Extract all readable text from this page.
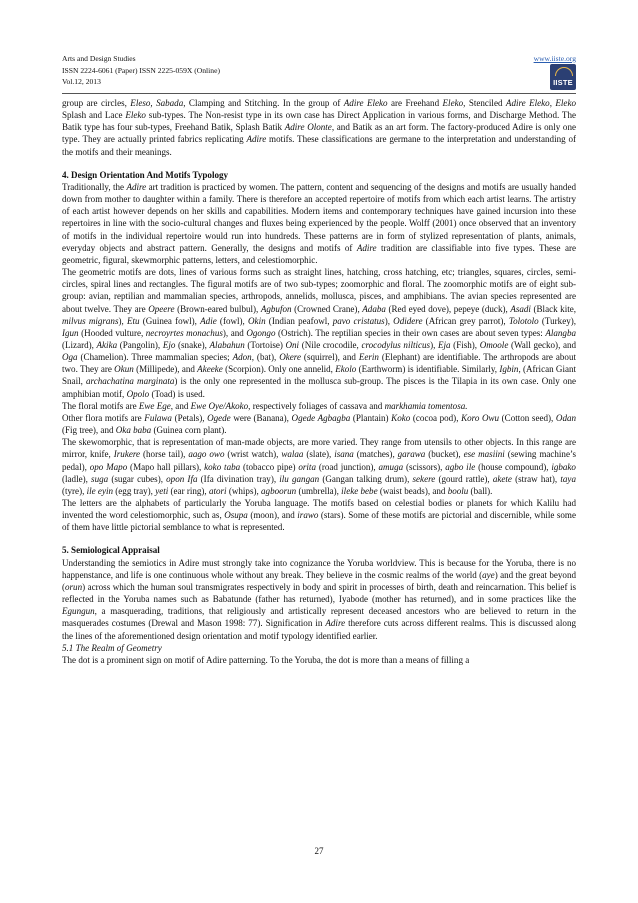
Arts and Design Studies
ISSN 2224-6061 (Paper) ISSN 2225-059X (Online)
Vol.12, 2013
www.iiste.org
IISTE

group are circles, Eleso, Sabada, Clamping and Stitching. In the group of Adire Eleko are Freehand Eleko, Stenciled Adire Eleko, Eleko Splash and Lace Eleko sub-types. The Non-resist type in its own case has Direct Application in various forms, and Discharge Method. The Batik type has four sub-types, Freehand Batik, Splash Batik Adire Olonte, and Batik as an art form. The factory-produced Adire is only one type. They are actually printed fabrics replicating Adire motifs. These classifications are germane to the interpretation and understanding of the motifs and their meanings.

4. Design Orientation And Motifs Typology

Traditionally, the Adire art tradition is practiced by women. The pattern, content and sequencing of the designs and motifs are usually handed down from mother to daughter within a family. There is therefore an accepted repertoire of motifs from which each artist learns. The artistry of each artist however depends on her skills and capabilities. Modern items and contemporary techniques have gained incursion into these repertoires in line with the socio-cultural changes and fluxes being experienced by the people. Wolff (2001) once observed that an inventory of motifs in the individual repertoire would run into hundreds. These patterns are in form of stylized representation of plants, animals, everyday objects and abstract pattern. Generally, the designs and motifs of Adire tradition are classifiable into five types. These are geometric, figural, skewmorphic patterns, letters, and celestiomorphic.

The geometric motifs are dots, lines of various forms such as straight lines, hatching, cross hatching, etc; triangles, squares, circles, semi-circles, spiral lines and rectangles. The figural motifs are of two sub-types; zoomorphic and floral. The zoomorphic motifs are of eight sub-group: avian, reptilian and mammalian species, arthropods, annelids, mollusca, pisces, and amphibians. The avian species represented are about twelve. They are Opeere (Brown-eared bulbul), Agbufon (Crowned Crane), Adaba (Red eyed dove), pepeye (duck), Asadi (Black kite, milvus migrans), Etu (Guinea fowl), Adie (fowl), Okin (Indian peafowl, pavo cristatus), Odidere (African grey parrot), Tolotolo (Turkey), Igun (Hooded vulture, necroyrtes monachus), and Ogongo (Ostrich). The reptilian species in their own cases are about seven types: Alangba (Lizard), Akika (Pangolin), Ejo (snake), Alabahun (Tortoise) Oni (Nile crocodile, crocodylus nilticus), Eja (Fish), Omoole (Wall gecko), and Oga (Chamelion). Three mammalian species; Adon, (bat), Okere (squirrel), and Eerin (Elephant) are identifiable. The arthropods are about two. They are Okun (Millipede), and Akeeke (Scorpion). Only one annelid, Ekolo (Earthworm) is identifiable. Similarly, Igbin, (African Giant Snail, archachatina marginata) is the only one represented in the mollusca sub-group. The pisces is the Tilapia in its own case. Only one amphibian motif, Opolo (Toad) is used.

The floral motifs are Ewe Ege, and Ewe Oye/Akoko, respectively foliages of cassava and markhamia tomentosa.

Other flora motifs are Fulawa (Petals), Ogede were (Banana), Ogede Agbagba (Plantain) Koko (cocoa pod), Koro Owu (Cotton seed), Odan (Fig tree), and Oka baba (Guinea corn plant).

The skewomorphic, that is representation of man-made objects, are more varied. They range from utensils to other objects. In this range are mirror, knife, Irukere (horse tail), aago owo (wrist watch), walaa (slate), isana (matches), garawa (bucket), ese masiini (sewing machine’s pedal), opo Mapo (Mapo hall pillars), koko taba (tobacco pipe) orita (road junction), amuga (scissors), agbo ile (house compound), igbako (ladle), suga (sugar cubes), opon Ifa (Ifa divination tray), ilu gangan (Gangan talking drum), sekere (gourd rattle), akete (straw hat), taya (tyre), ile eyin (egg tray), yeti (ear ring), atori (whips), agboorun (umbrella), ileke bebe (waist beads), and boolu (ball).

The letters are the alphabets of particularly the Yoruba language. The motifs based on celestial bodies or planets for which Kalilu had invented the word celestiomorphic, such as, Osupa (moon), and irawo (stars). Some of these motifs are pictorial and discernible, while some of them have little pictorial semblance to what is represented.

5. Semiological Appraisal

Understanding the semiotics in Adire must strongly take into cognizance the Yoruba worldview. This is because for the Yoruba, there is no happenstance, and life is one continuous whole without any break. They believe in the cosmic realms of the world (aye) and the great beyond (orun) across which the human soul transmigrates respectively in body and spirit in processes of birth, death and reincarnation. This belief is reflected in the Yoruba names such as Babatunde (father has returned), Iyabode (mother has returned), and in some practices like the Egungun, a masquerading, traditions, that religiously and artistically represent deceased ancestors who are believed to return in the masquerades costumes (Drewal and Mason 1998: 77). Signification in Adire therefore cuts across different realms. This is discussed along the lines of the aforementioned design orientation and motif typology identified earlier.

5.1 The Realm of Geometry

The dot is a prominent sign on motif of Adire patterning. To the Yoruba, the dot is more than a means of filling a

27
